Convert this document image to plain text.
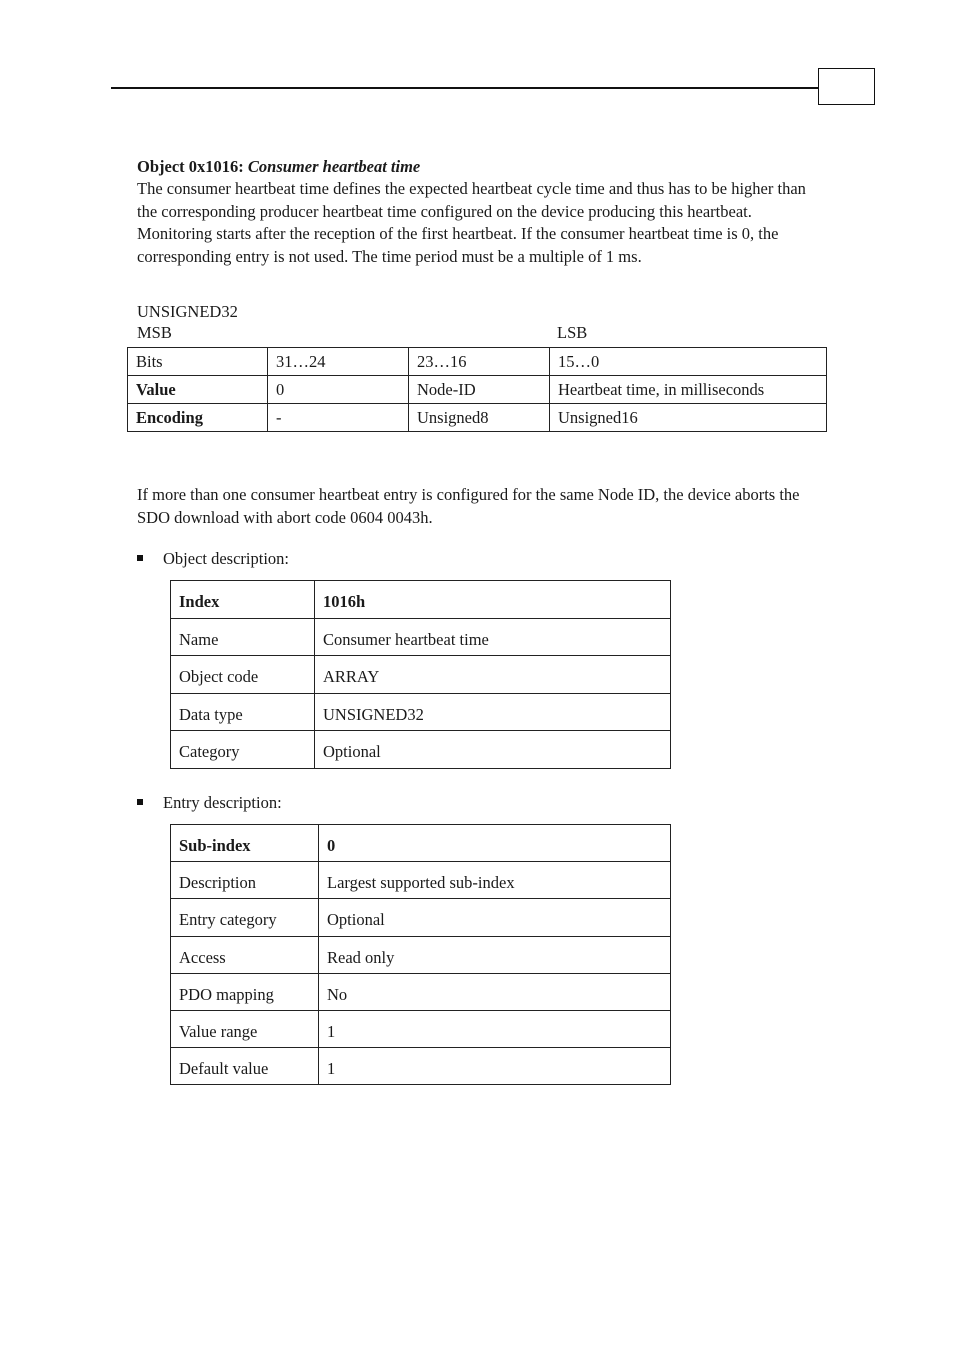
Object 0x1016: Consumer heartbeat time

The consumer heartbeat time defines the expected heartbeat cycle time and thus has to be higher than the corresponding producer heartbeat time configured on the device producing this heartbeat. Monitoring starts after the reception of the first heartbeat. If the consumer heartbeat time is 0, the corresponding entry is not used. The time period must be a multiple of 1 ms.

UNSIGNED32
MSB	LSB
Bits	31…24	23…16	15…0
Value	0	Node-ID	Heartbeat time, in milliseconds
Encoding	-	Unsigned8	Unsigned16
If more than one consumer heartbeat entry is configured for the same Node ID, the device aborts the SDO download with abort code 0604 0043h.
Object description:
Index	1016h
Name	Consumer heartbeat time
Object code	ARRAY
Data type	UNSIGNED32
Category	Optional
Entry description:
Sub-index	0
Description	Largest supported sub-index
Entry category	Optional
Access	Read only
PDO mapping	No
Value range	1
Default value	1
